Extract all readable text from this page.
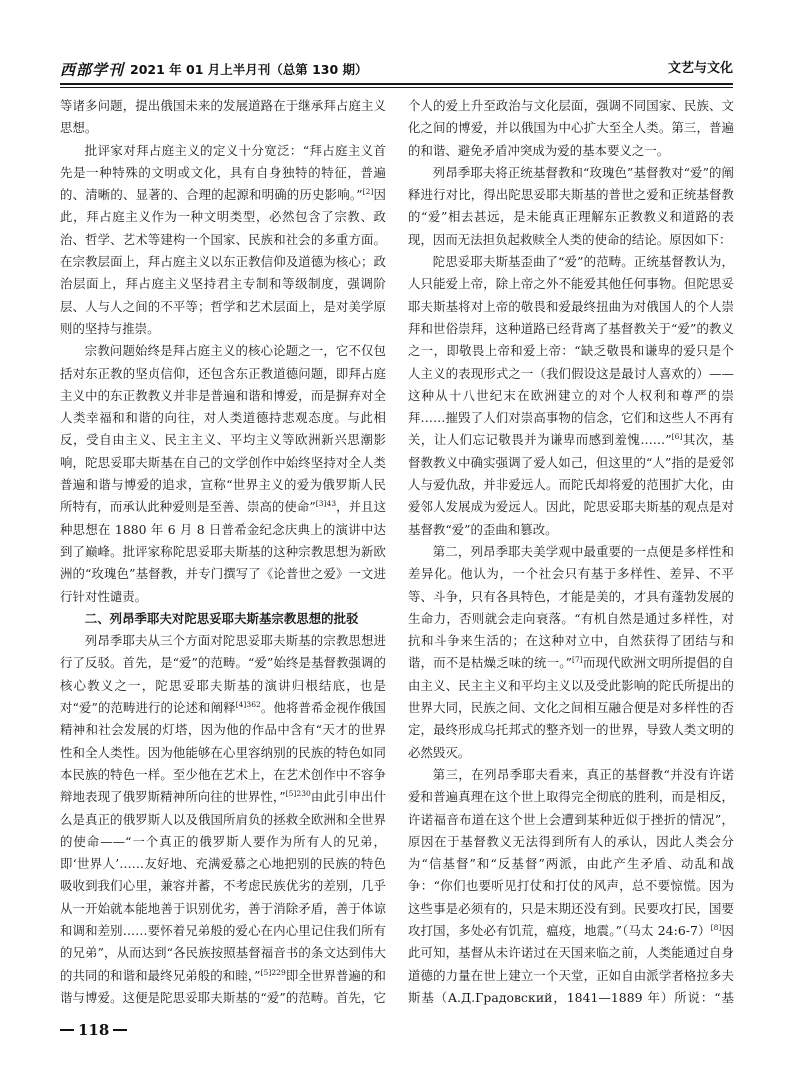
西部学刊 2021 年 01 月上半月刊（总第 130 期）	文艺与文化

等诸多问题，提出俄国未来的发展道路在于继承拜占庭主义思想。

批评家对拜占庭主义的定义十分宽泛：“拜占庭主义首先是一种特殊的文明或文化，具有自身独特的特征，普遍的、清晰的、显著的、合理的起源和明确的历史影响。”[2]因此，拜占庭主义作为一种文明类型，必然包含了宗教、政治、哲学、艺术等建构一个国家、民族和社会的多重方面。在宗教层面上，拜占庭主义以东正教信仰及道德为核心；政治层面上，拜占庭主义坚持君主专制和等级制度，强调阶层、人与人之间的不平等；哲学和艺术层面上，是对美学原则的坚持与推崇。

宗教问题始终是拜占庭主义的核心论题之一，它不仅包括对东正教的坚贞信仰，还包含东正教道德问题，即拜占庭主义中的东正教教义并非是普遍和谐和博爱，而是摒弃对全人类幸福和和谐的向往，对人类道德持悲观态度。与此相反，受自由主义、民主主义、平均主义等欧洲新兴思潮影响，陀思妥耶夫斯基在自己的文学创作中始终坚持对全人类普遍和谐与博爱的追求，宣称“世界主义的爱为俄罗斯人民所特有，而承认此种爱则是至善、崇高的使命”$^{[3]43}$，并且这种思想在 1880 年 6 月 8 日普希金纪念庆典上的演讲中达到了巅峰。批评家称陀思妥耶夫斯基的这种宗教思想为新欧洲的“玫瑰色”基督教，并专门撰写了《论普世之爱》一文进行针对性谴责。

二、列昂季耶夫对陀思妥耶夫斯基宗教思想的批驳

列昂季耶夫从三个方面对陀思妥耶夫斯基的宗教思想进行了反驳。首先，是“爱”的范畴。“爱”始终是基督教强调的核心教义之一，陀思妥耶夫斯基的演讲归根结底，也是对“爱”的范畴进行的论述和阐释$^{[4]362}$。他将普希金视作俄国精神和社会发展的灯塔，因为他的作品中含有“天才的世界性和全人类性。因为他能够在心里容纳别的民族的特色如同本民族的特色一样。至少他在艺术上，在艺术创作中不容争辩地表现了俄罗斯精神所向往的世界性，”$^{[5]230}$由此引申出什么是真正的俄罗斯人以及俄国所肩负的拯救全欧洲和全世界的使命——“一个真正的俄罗斯人要作为所有人的兄弟，即‘世界人’……友好地、充满爱慕之心地把别的民族的特色吸收到我们心里，兼容并蓄，不考虑民族优劣的差别，几乎从一开始就本能地善于识别优劣，善于消除矛盾，善于体谅和调和差别……要怀着兄弟般的爱心在内心里记住我们所有的兄弟”，从而达到“各民族按照基督福音书的条文达到伟大的共同的和谐和最终兄弟般的和睦，”$^{[5]229}$即全世界普遍的和谐与博爱。这便是陀思妥耶夫斯基的“爱”的范畴。首先，它

个人的爱上升至政治与文化层面，强调不同国家、民族、文化之间的博爱，并以俄国为中心扩大至全人类。第三，普遍的和谐、避免矛盾冲突成为爱的基本要义之一。

列昂季耶夫将正统基督教和“玫瑰色”基督教对“爱”的阐释进行对比，得出陀思妥耶夫斯基的普世之爱和正统基督教的“爱”相去甚远，是未能真正理解东正教教义和道路的表现，因而无法担负起救赎全人类的使命的结论。原因如下：

陀思妥耶夫斯基歪曲了“爱”的范畴。正统基督教认为，人只能爱上帝，除上帝之外不能爱其他任何事物。但陀思妥耶夫斯基将对上帝的敬畏和爱最终扭曲为对俄国人的个人崇拜和世俗崇拜，这种道路已经背离了基督教关于“爱”的教义之一，即敬畏上帝和爱上帝：“缺乏敬畏和谦卑的爱只是个人主义的表现形式之一（我们假设这是最讨人喜欢的）——这种从十八世纪末在欧洲建立的对个人权利和尊严的崇拜……摧毁了人们对崇高事物的信念，它们和这些人不再有关，让人们忘记敬畏并为谦卑而感到羞愧……”[6]其次，基督教教义中确实强调了爱人如己，但这里的“人”指的是爱邻人与爱仇敌，并非爱远人。而陀氏却将爱的范围扩大化，由爱邻人发展成为爱远人。因此，陀思妥耶夫斯基的观点是对基督教“爱”的歪曲和篡改。

第二，列昂季耶夫美学观中最重要的一点便是多样性和差异化。他认为，一个社会只有基于多样性、差异、不平等、斗争，只有各具特色，才能是美的，才具有蓬勃发展的生命力，否则就会走向衰落。“有机自然是通过多样性，对抗和斗争来生活的；在这种对立中，自然获得了团结与和谐，而不是枯燥乏味的统一。”[7]而现代欧洲文明所提倡的自由主义、民主主义和平均主义以及受此影响的陀氏所提出的世界大同，民族之间、文化之间相互融合便是对多样性的否定，最终形成乌托邦式的整齐划一的世界，导致人类文明的必然毁灭。

第三，在列昂季耶夫看来，真正的基督教“并没有许诺爱和普遍真理在这个世上取得完全彻底的胜利，而是相反，许诺福音布道在这个世上会遭到某种近似于挫折的情况”，原因在于基督教义无法得到所有人的承认，因此人类会分为“信基督”和“反基督”两派，由此产生矛盾、动乱和战争：“你们也要听见打仗和打仗的风声，总不要惊慌。因为这些事是必须有的，只是末期还没有到。民要攻打民，国要攻打国，多处必有饥荒，瘟疫，地震。”（马太 24:6-7）[8]因此可知，基督从未许诺过在天国来临之前，人类能通过自身道德的力量在世上建立一个天堂，正如自由派学者格拉多夫斯基（A.Д.Градовский，1841—1889 年）所说：“基

118
